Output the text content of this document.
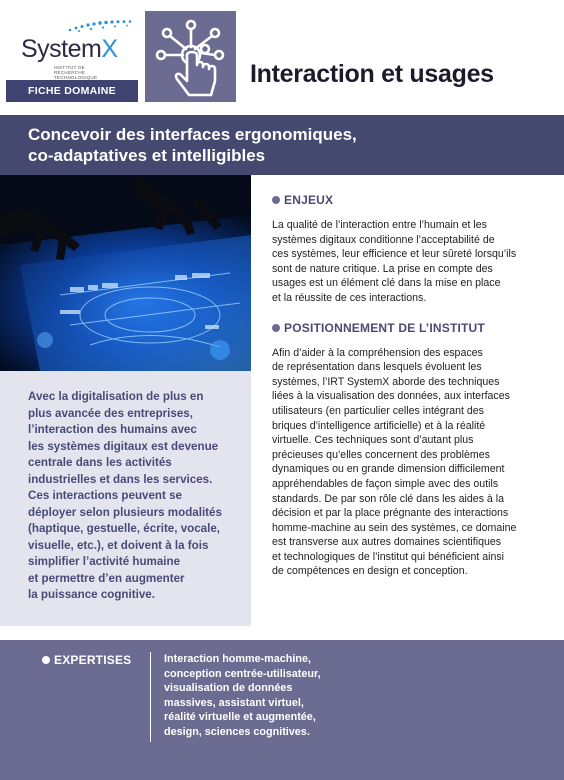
SystemX
INSTITUT DE RECHERCHE TECHNOLOGIQUE
FICHE DOMAINE
Interaction et usages
Concevoir des interfaces ergonomiques,
co-adaptatives et intelligibles
Avec la digitalisation de plus en
plus avancée des entreprises,
l’interaction des humains avec
les systèmes digitaux est devenue
centrale dans les activités
industrielles et dans les services.
Ces interactions peuvent se
déployer selon plusieurs modalités
(haptique, gestuelle, écrite, vocale,
visuelle, etc.), et doivent à la fois
simplifier l’activité humaine
et permettre d’en augmenter
la puissance cognitive.
ENJEUX
La qualité de l’interaction entre l’humain et les
systèmes digitaux conditionne l’acceptabilité de
ces systèmes, leur efficience et leur sûreté lorsqu’ils
sont de nature critique. La prise en compte des
usages est un élément clé dans la mise en place
et la réussite de ces interactions.
POSITIONNEMENT DE L’INSTITUT
Afin d’aider à la compréhension des espaces
de représentation dans lesquels évoluent les
systèmes, l’IRT SystemX aborde des techniques
liées à la visualisation des données, aux interfaces
utilisateurs (en particulier celles intégrant des
briques d’intelligence artificielle) et à la réalité
virtuelle. Ces techniques sont d’autant plus
précieuses qu’elles concernent des problèmes
dynamiques ou en grande dimension difficilement
appréhendables de façon simple avec des outils
standards. De par son rôle clé dans les aides à la
décision et par la place prégnante des interactions
homme-machine au sein des systèmes, ce domaine
est transverse aux autres domaines scientifiques
et technologiques de l’institut qui bénéficient ainsi
de compétences en design et conception.
EXPERTISES	Interaction homme-machine,
conception centrée-utilisateur,
visualisation de données
massives, assistant virtuel,
réalité virtuelle et augmentée,
design, sciences cognitives.
